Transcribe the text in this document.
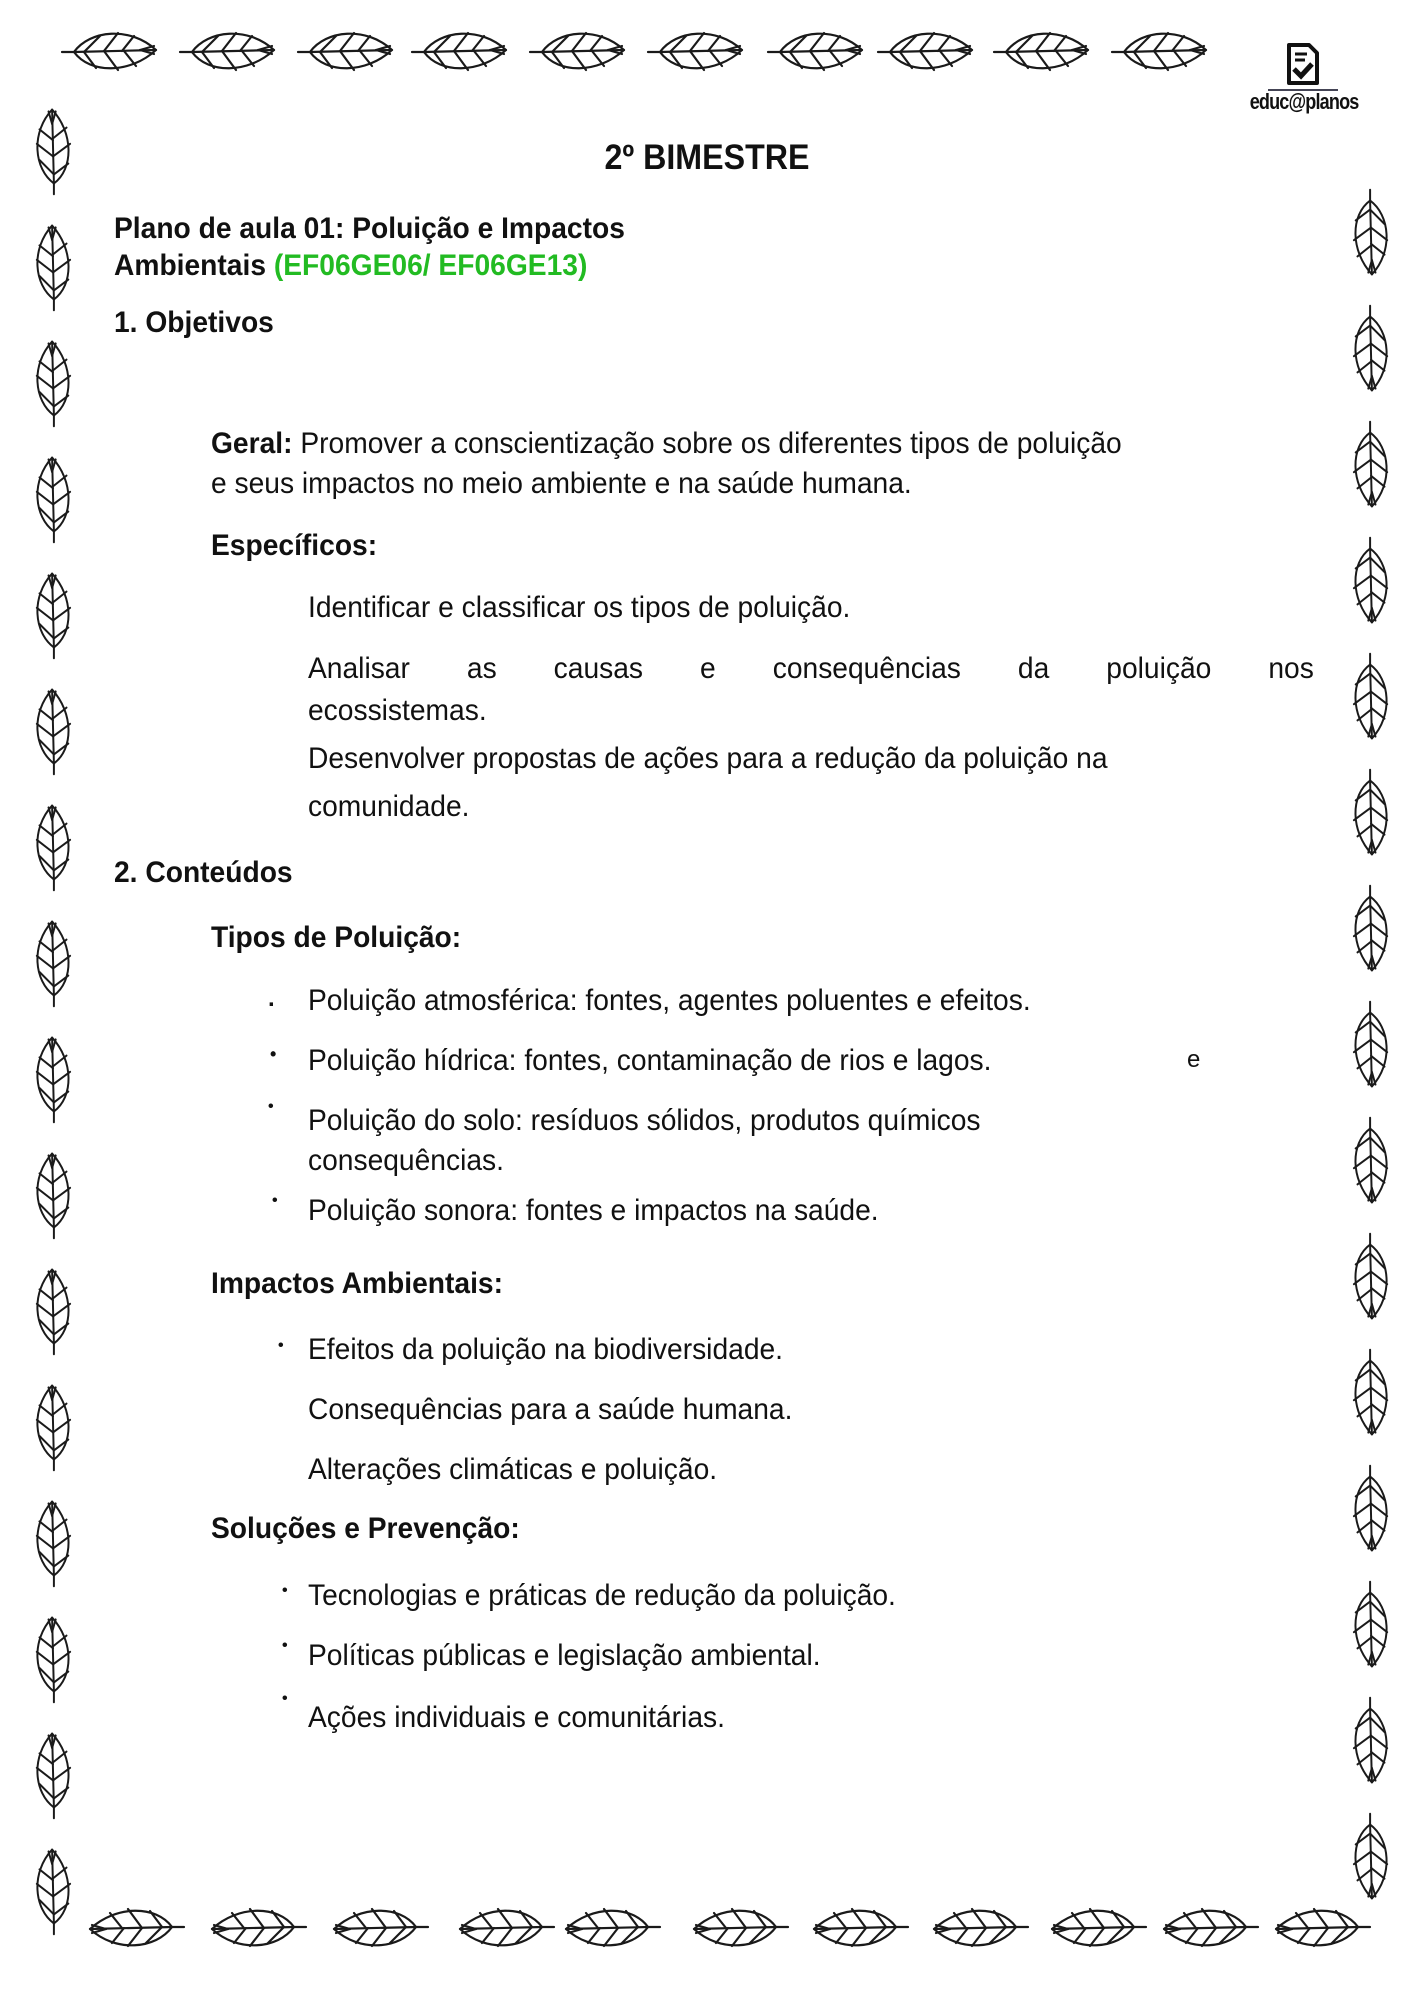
educ@planos
2º BIMESTRE
Plano de aula 01: Poluição e Impactos
Ambientais (EF06GE06/ EF06GE13)
1. Objetivos
Geral: Promover a conscientização sobre os diferentes tipos de poluição
e seus impactos no meio ambiente e na saúde humana.
Específicos:
Identificar e classificar os tipos de poluição.
Analisar as causas e consequências da poluição nos
ecossistemas.
Desenvolver propostas de ações para a redução da poluição na
comunidade.
2. Conteúdos
Tipos de Poluição:
. Poluição atmosférica: fontes, agentes poluentes e efeitos.
• Poluição hídrica: fontes, contaminação de rios e lagos.	e
• Poluição do solo: resíduos sólidos, produtos químicos
consequências.
• Poluição sonora: fontes e impactos na saúde.
Impactos Ambientais:
• Efeitos da poluição na biodiversidade.
Consequências para a saúde humana.
Alterações climáticas e poluição.
Soluções e Prevenção:
• Tecnologias e práticas de redução da poluição.
• Políticas públicas e legislação ambiental.
•
Ações individuais e comunitárias.
